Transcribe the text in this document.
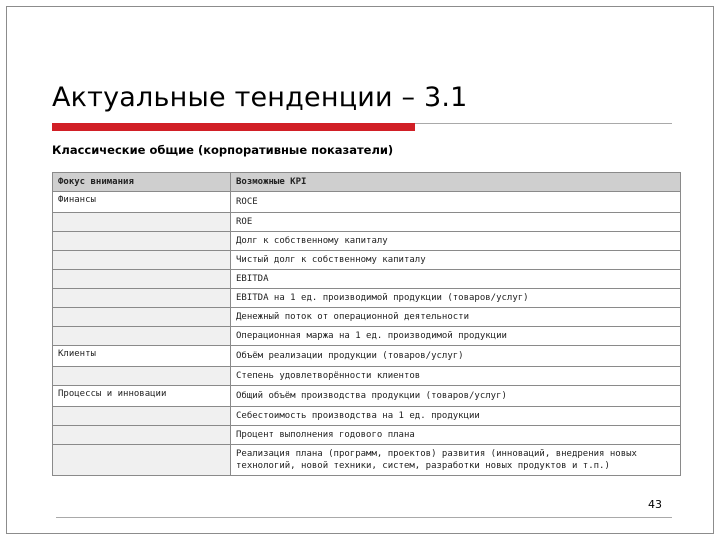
Актуальные тенденции – 3.1
Классические общие (корпоративные показатели)
Фокус внимания	Возможные KPI
Финансы	ROCE
	ROE
	Долг к собственному капиталу
	Чистый долг к собственному капиталу
	EBITDA
	EBITDA на 1 ед. производимой продукции (товаров/услуг)
	Денежный поток от операционной деятельности
	Операционная маржа на 1 ед. производимой продукции
Клиенты	Объём реализации продукции (товаров/услуг)
	Степень удовлетворённости клиентов
Процессы и инновации	Общий объём производства продукции (товаров/услуг)
	Себестоимость производства на 1 ед. продукции
	Процент выполнения годового плана
	Реализация плана (программ, проектов) развития (инноваций, внедрения новых технологий, новой техники, систем, разработки новых продуктов и т.п.)
43
